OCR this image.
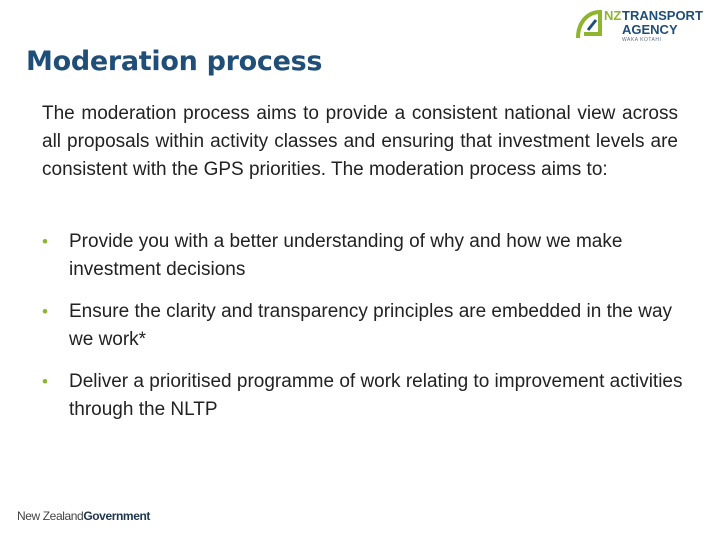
NZ TRANSPORT
AGENCY
WAKA KOTAHI
Moderation process

The moderation process aims to provide a consistent national view across all proposals within activity classes and ensuring that investment levels are consistent with the GPS priorities. The moderation process aims to:

• Provide you with a better understanding of why and how we make investment decisions
• Ensure the clarity and transparency principles are embedded in the way we work*
• Deliver a prioritised programme of work relating to improvement activities through the NLTP
New ZealandGovernment
